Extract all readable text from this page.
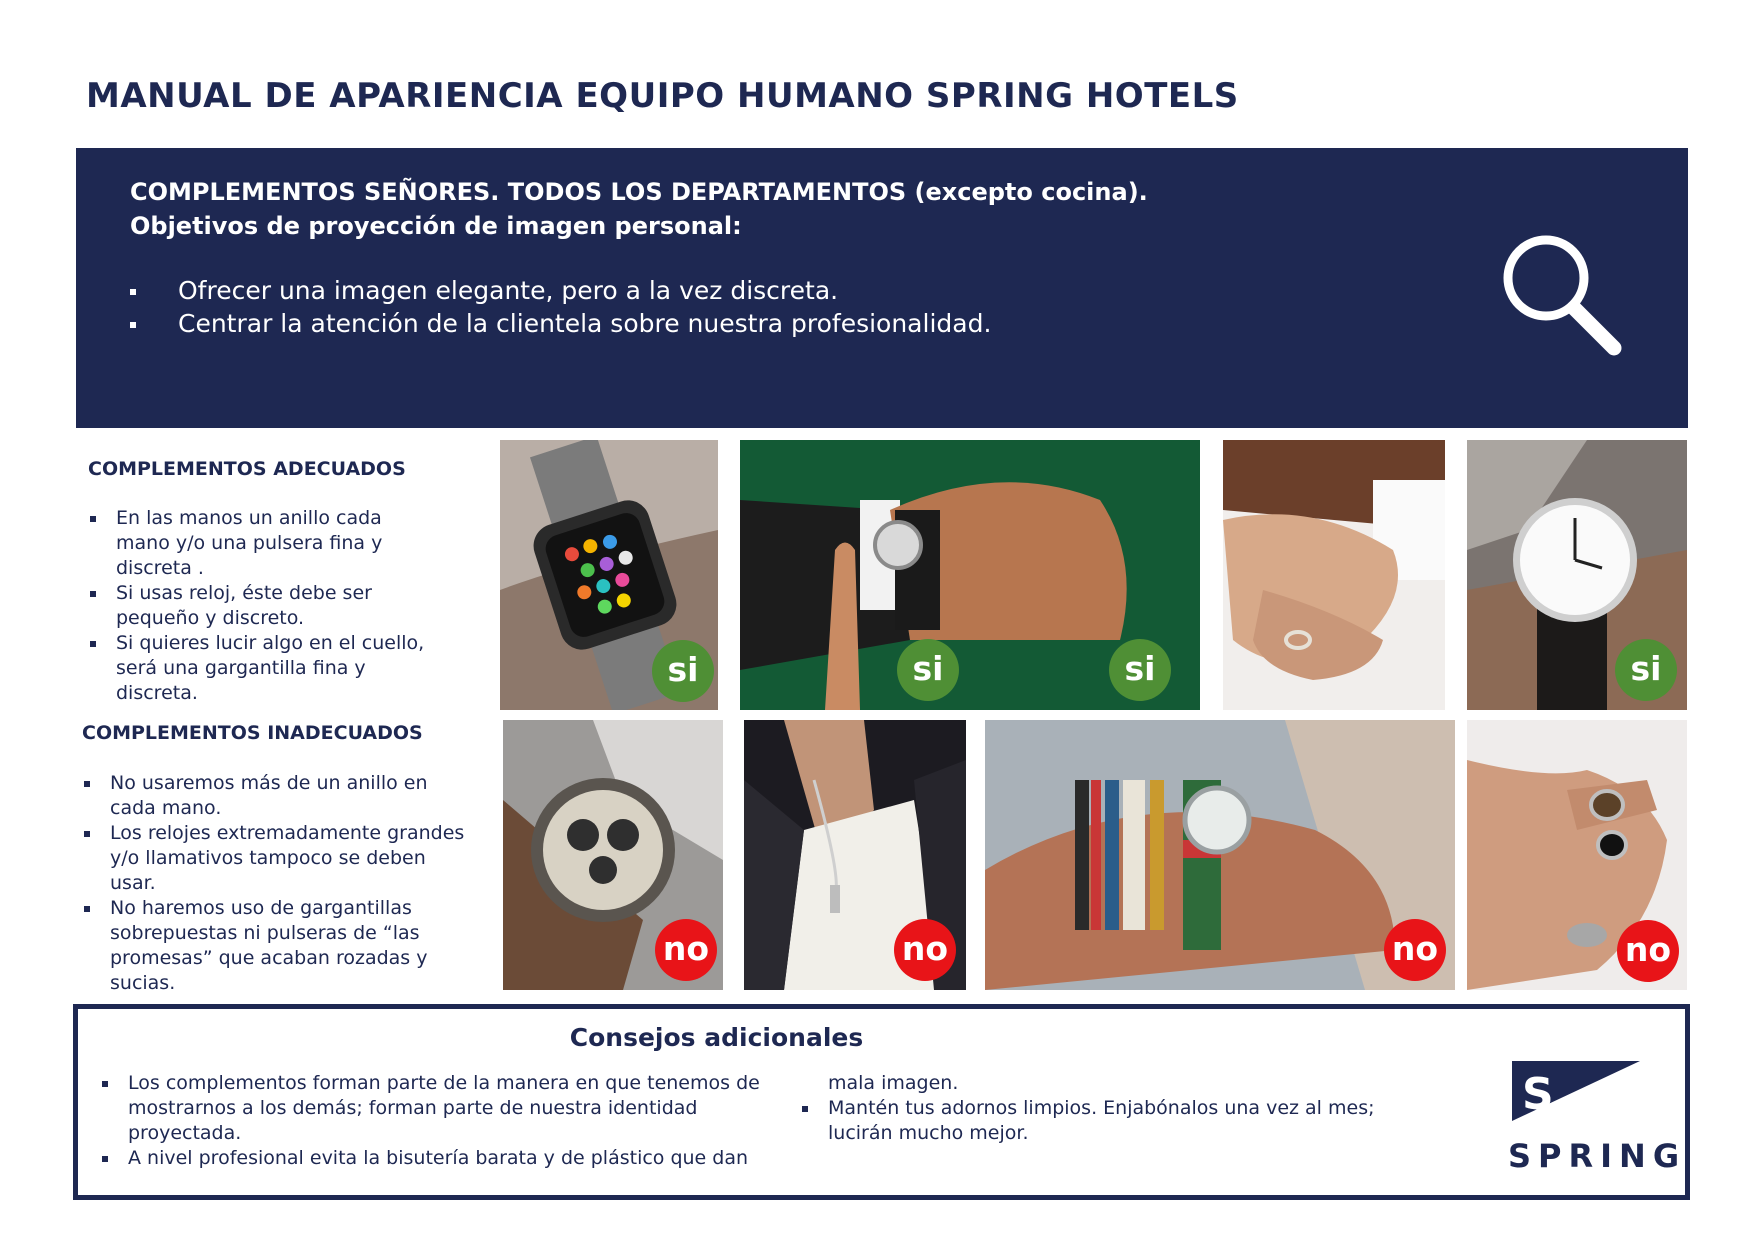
MANUAL DE APARIENCIA EQUIPO HUMANO SPRING HOTELS
COMPLEMENTOS SEÑORES. TODOS LOS DEPARTAMENTOS (excepto cocina).
Objetivos de proyección de imagen personal:
Ofrecer una imagen elegante, pero a la vez discreta.
Centrar la atención de la clientela sobre nuestra profesionalidad.
COMPLEMENTOS ADECUADOS
En las manos un anillo cada mano y/o una pulsera fina y discreta .
Si usas reloj, éste debe ser pequeño y discreto.
Si quieres lucir algo en el cuello, será una gargantilla fina y discreta.
COMPLEMENTOS INADECUADOS
No usaremos más de un anillo en cada mano.
Los relojes extremadamente grandes y/o llamativos tampoco se deben usar.
No haremos uso de gargantillas sobrepuestas ni pulseras de “las promesas” que acaban rozadas y sucias.
si	si	si	si
no	no	no	no
Consejos adicionales
Los complementos forman parte de la manera en que tenemos de mostrarnos a los demás; forman parte de nuestra identidad proyectada.
A nivel profesional evita la bisutería barata y de plástico que dan
mala imagen.
Mantén tus adornos limpios. Enjabónalos una vez al mes; lucirán mucho mejor.
S
SPRING
